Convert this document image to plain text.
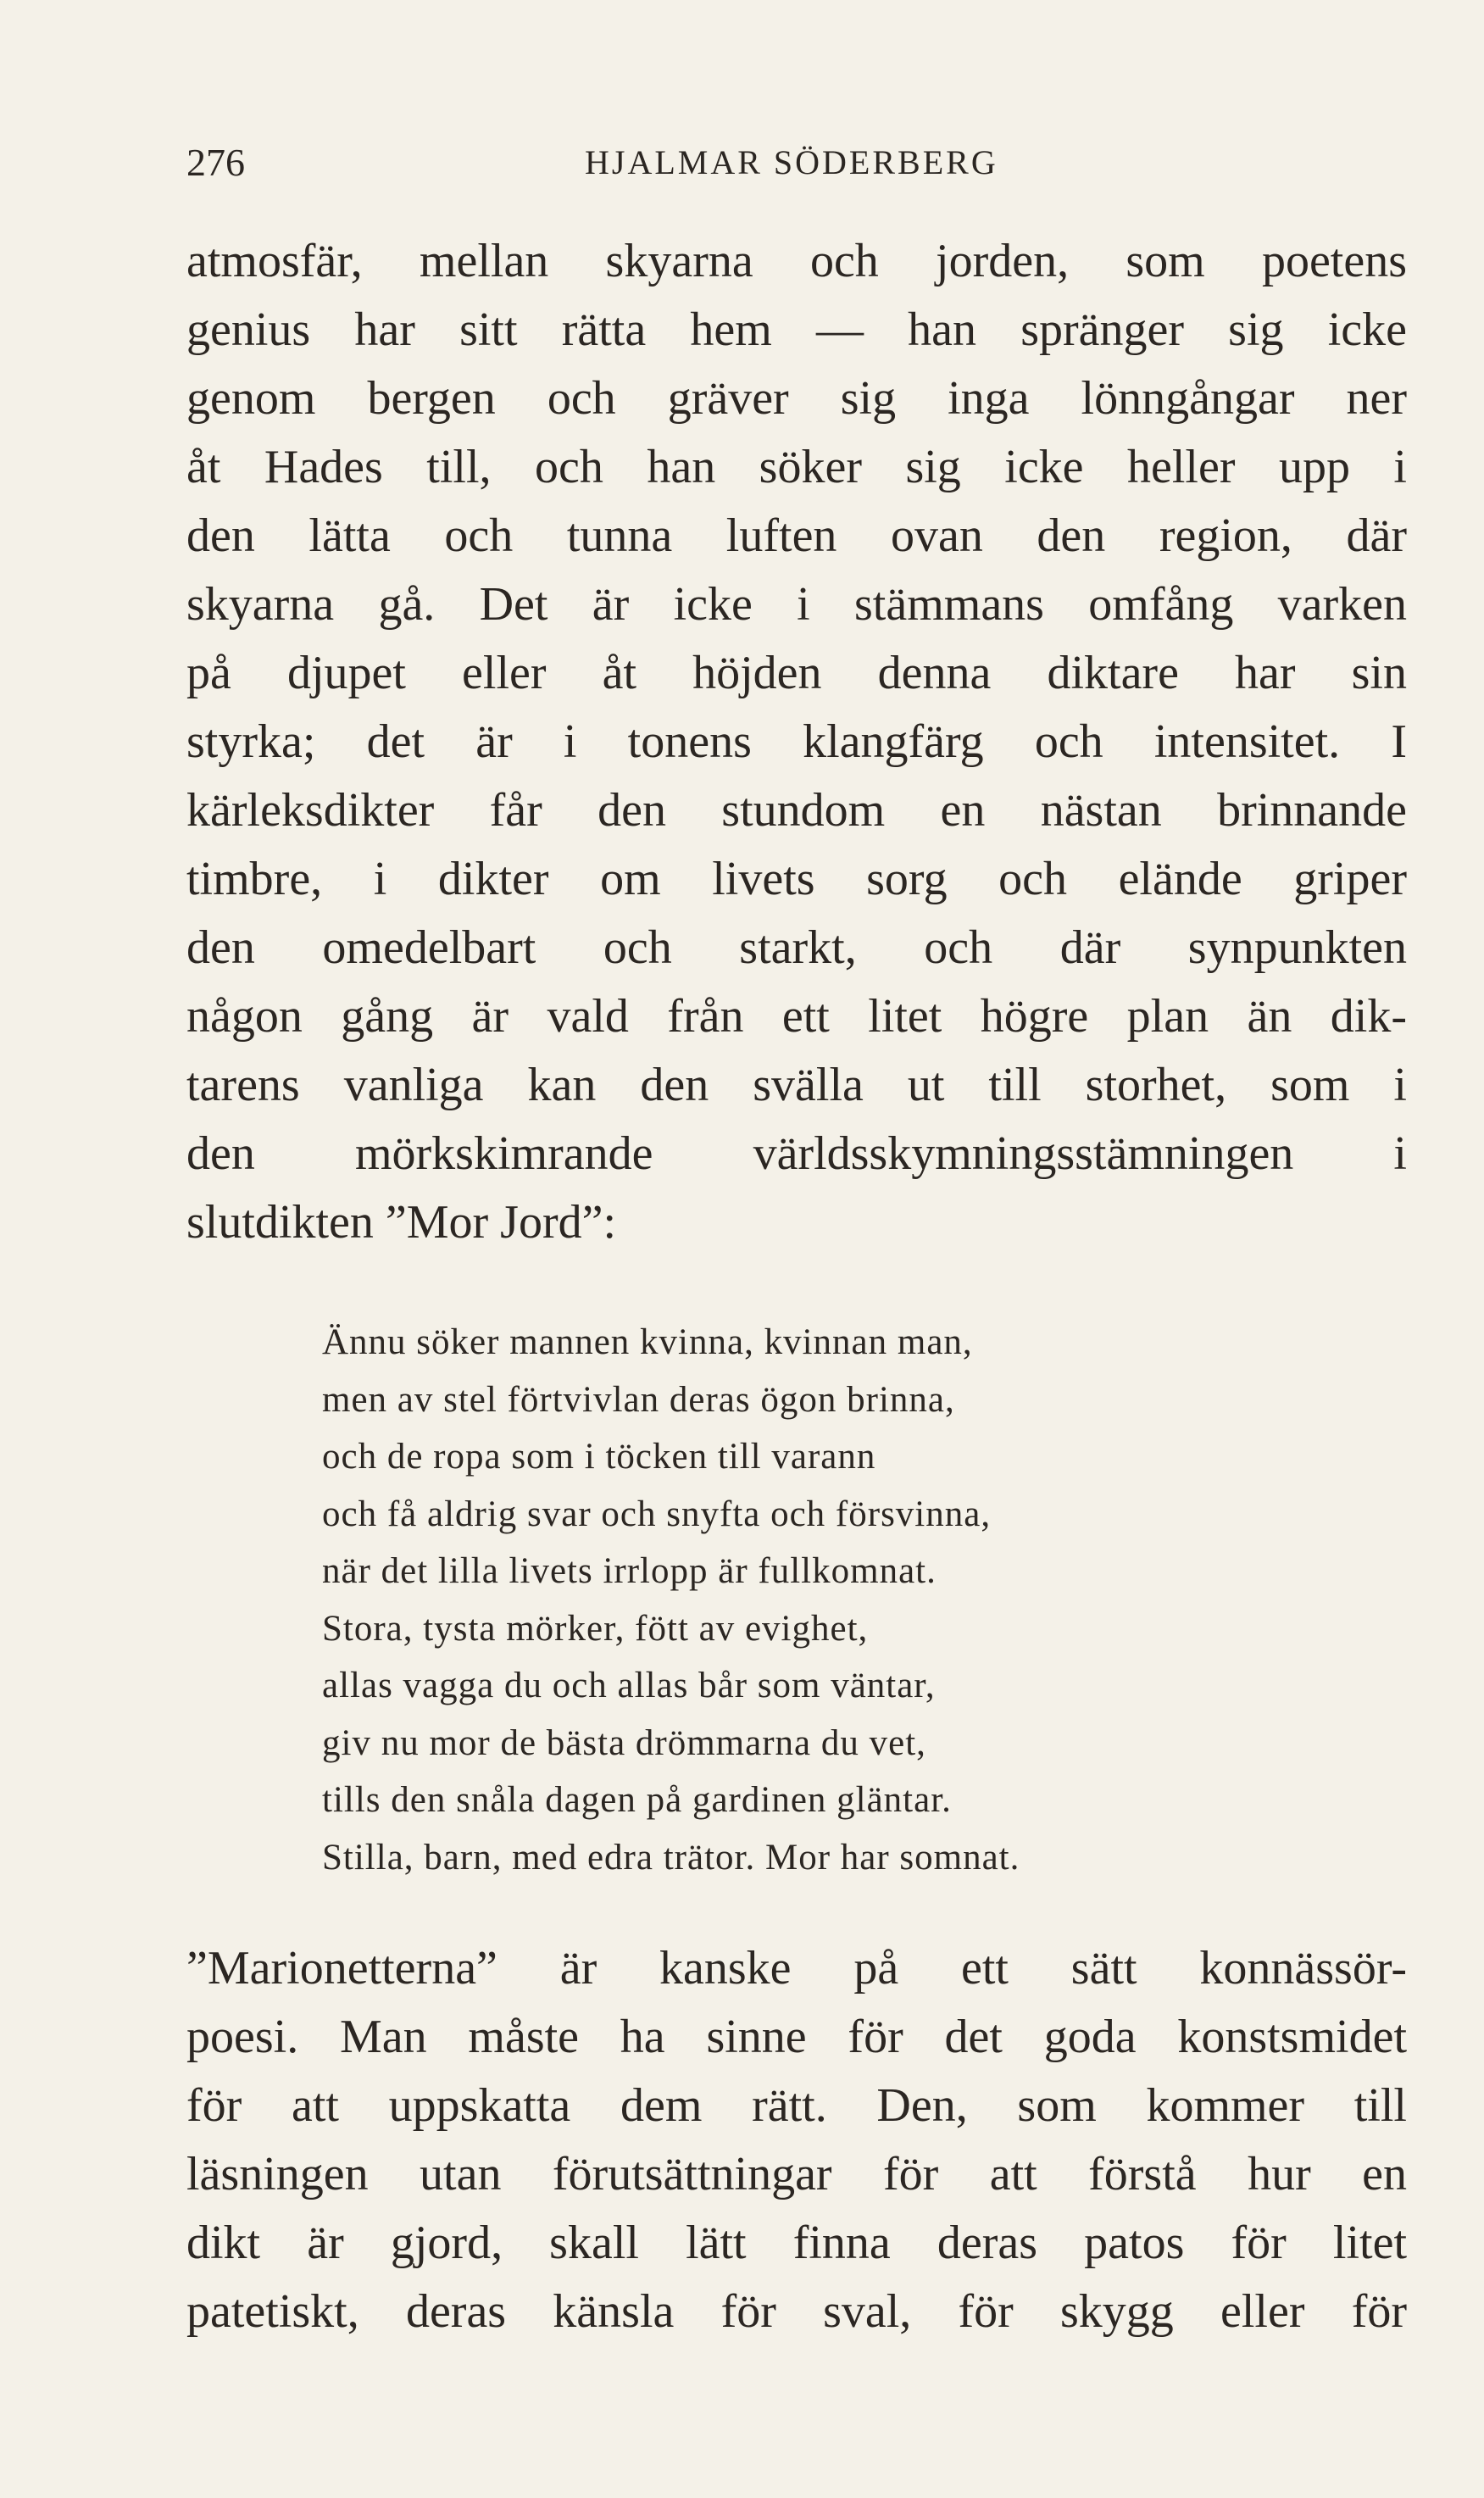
276	HJALMAR SÖDERBERG
atmosfär, mellan skyarna och jorden, som poetens
genius har sitt rätta hem — han spränger sig icke
genom bergen och gräver sig inga lönngångar ner
åt Hades till, och han söker sig icke heller upp i
den lätta och tunna luften ovan den region, där
skyarna gå. Det är icke i stämmans omfång varken
på djupet eller åt höjden denna diktare har sin
styrka; det är i tonens klangfärg och intensitet. I
kärleksdikter får den stundom en nästan brinnande
timbre, i dikter om livets sorg och elände griper
den omedelbart och starkt, och där synpunkten
någon gång är vald från ett litet högre plan än dik-
tarens vanliga kan den svälla ut till storhet, som i
den mörkskimrande världsskymningsstämningen i
slutdikten ”Mor Jord”:
Ännu söker mannen kvinna, kvinnan man,
men av stel förtvivlan deras ögon brinna,
och de ropa som i töcken till varann
och få aldrig svar och snyfta och försvinna,
när det lilla livets irrlopp är fullkomnat.
Stora, tysta mörker, fött av evighet,
allas vagga du och allas bår som väntar,
giv nu mor de bästa drömmarna du vet,
tills den snåla dagen på gardinen gläntar.
Stilla, barn, med edra trätor. Mor har somnat.
”Marionetterna” är kanske på ett sätt konnässör-
poesi. Man måste ha sinne för det goda konstsmidet
för att uppskatta dem rätt. Den, som kommer till
läsningen utan förutsättningar för att förstå hur en
dikt är gjord, skall lätt finna deras patos för litet
patetiskt, deras känsla för sval, för skygg eller för
